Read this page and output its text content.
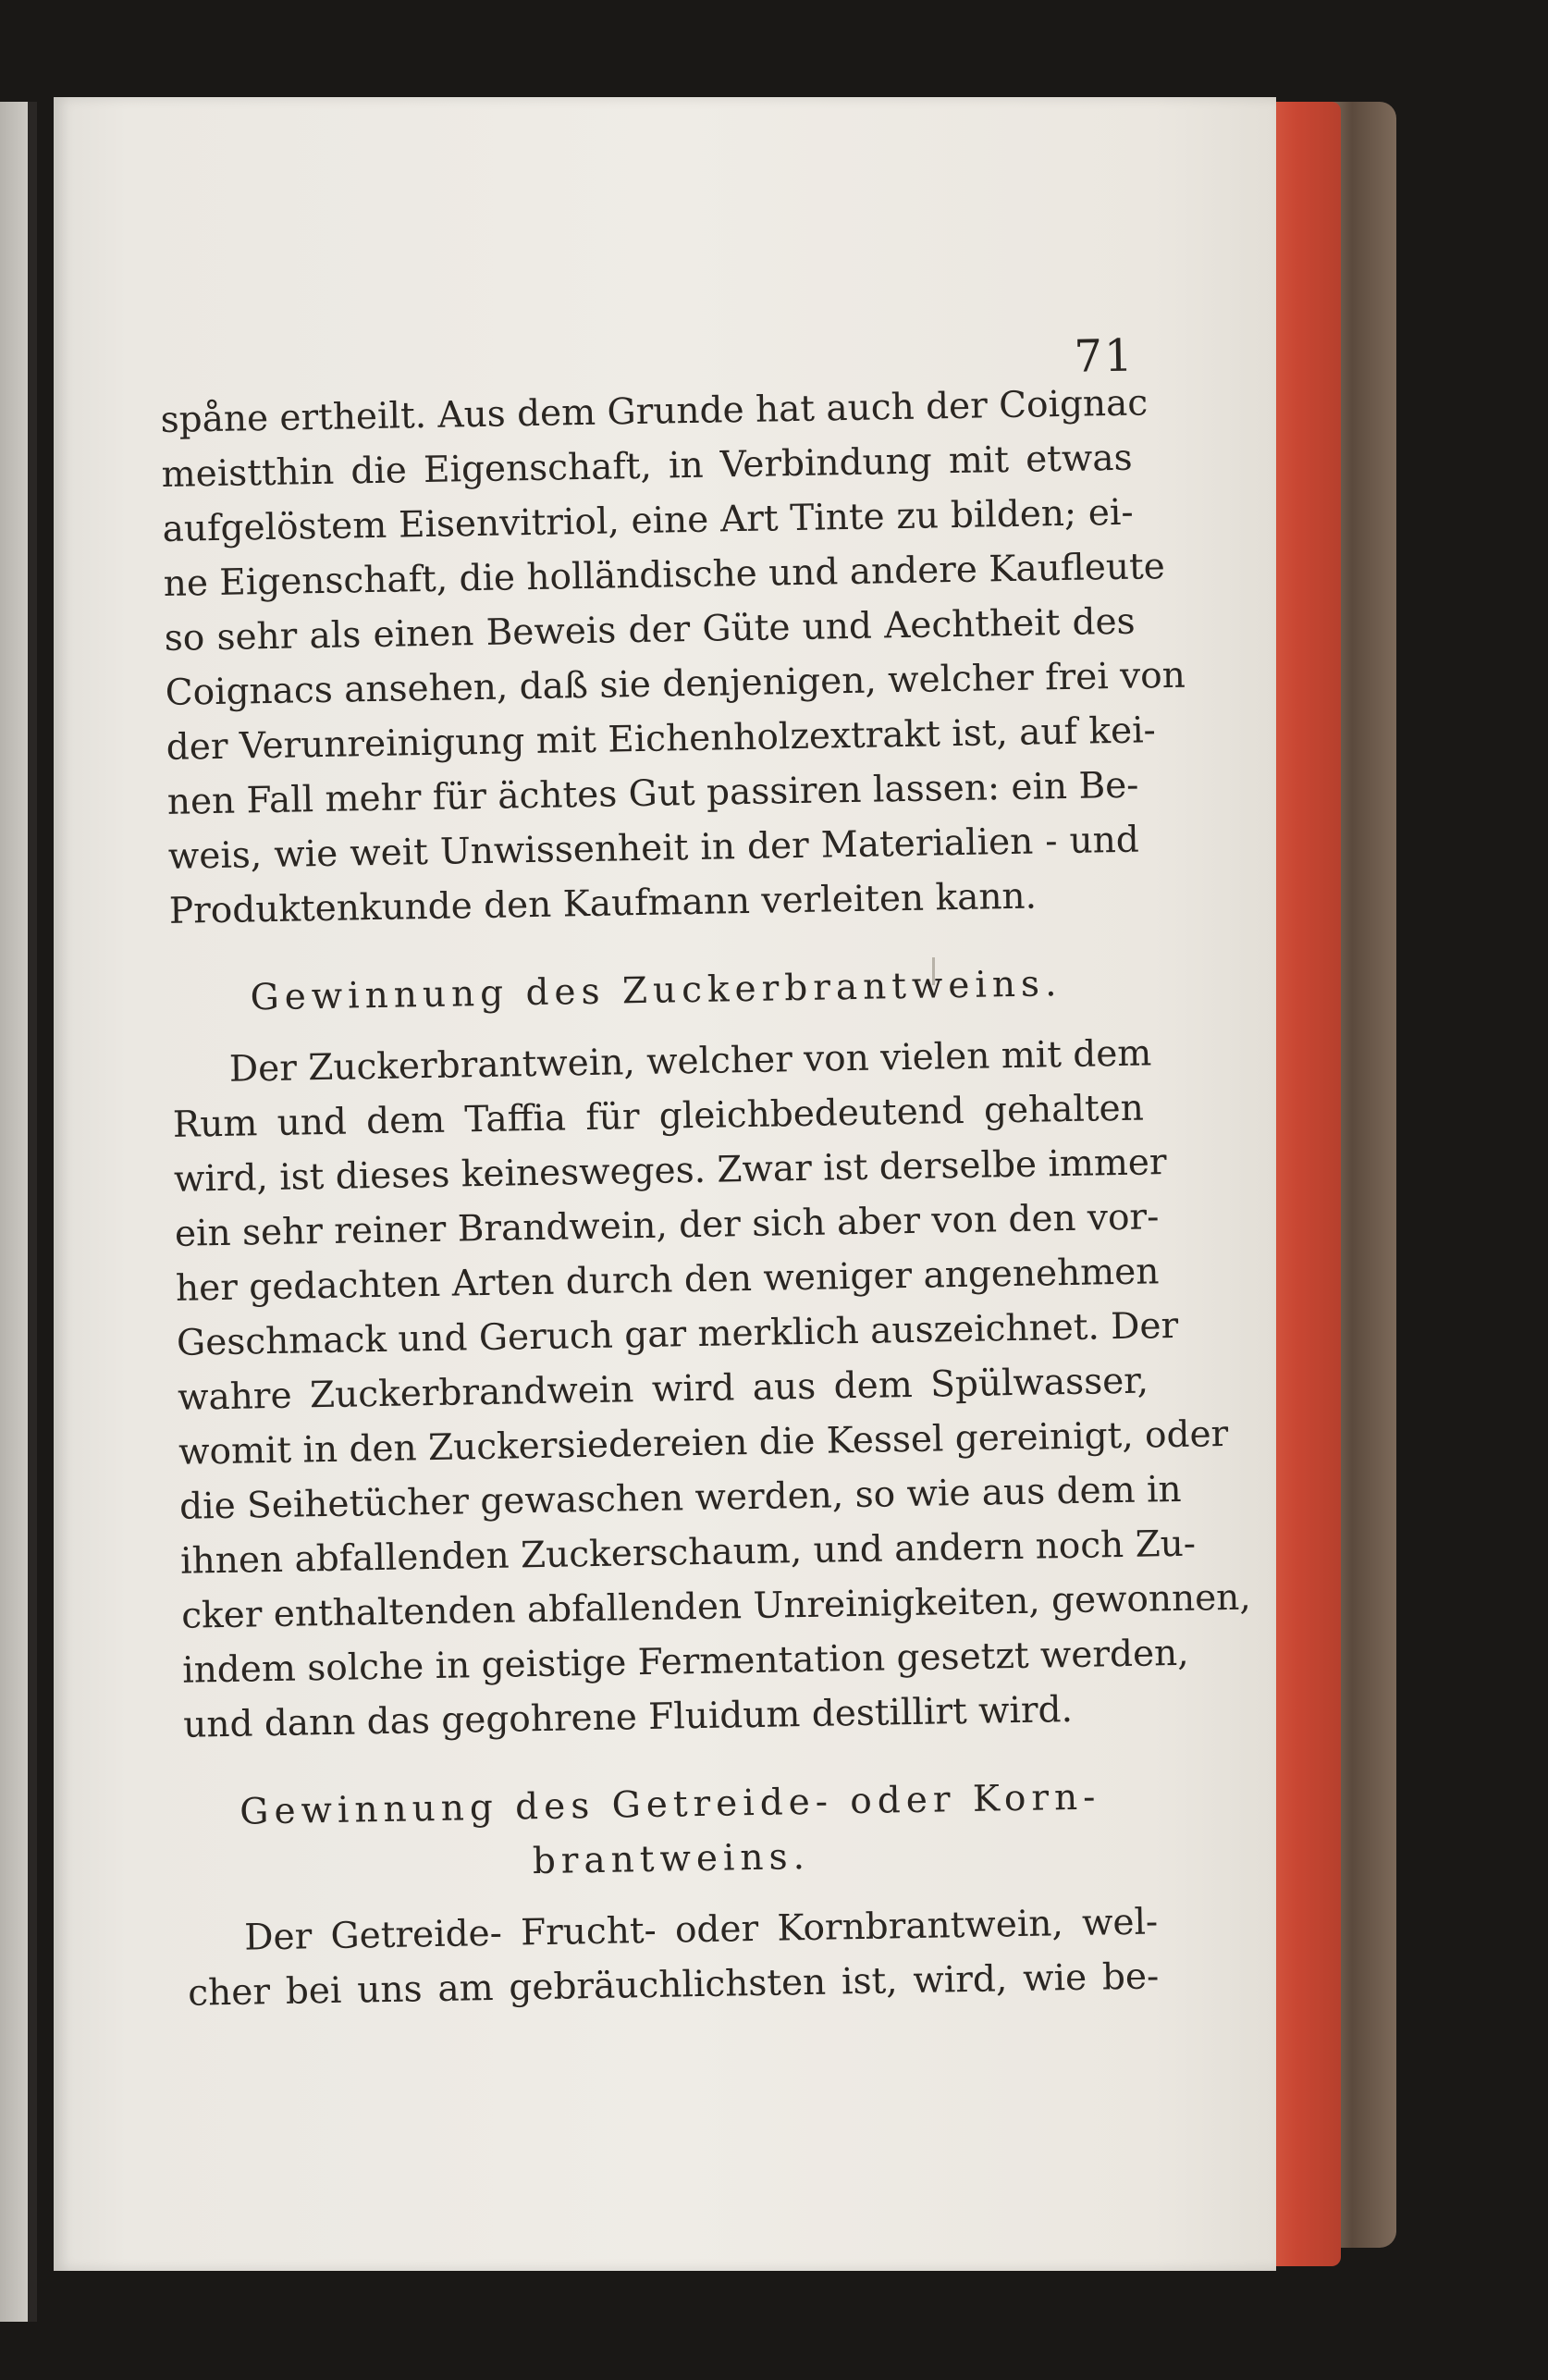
71
spåne ertheilt. Aus dem Grunde hat auch der Coignac
meistthin die Eigenschaft, in Verbindung mit etwas
aufgelöstem Eisenvitriol, eine Art Tinte zu bilden; ei-
ne Eigenschaft, die holländische und andere Kaufleute
so sehr als einen Beweis der Güte und Aechtheit des
Coignacs ansehen, daß sie denjenigen, welcher frei von
der Verunreinigung mit Eichenholzextrakt ist, auf kei-
nen Fall mehr für ächtes Gut passiren lassen: ein Be-
weis, wie weit Unwissenheit in der Materialien - und
Produktenkunde den Kaufmann verleiten kann.
Gewinnung des Zuckerbrantweins.
Der Zuckerbrantwein, welcher von vielen mit dem
Rum und dem Taffia für gleichbedeutend gehalten
wird, ist dieses keinesweges. Zwar ist derselbe immer
ein sehr reiner Brandwein, der sich aber von den vor-
her gedachten Arten durch den weniger angenehmen
Geschmack und Geruch gar merklich auszeichnet. Der
wahre Zuckerbrandwein wird aus dem Spülwasser,
womit in den Zuckersiedereien die Kessel gereinigt, oder
die Seihetücher gewaschen werden, so wie aus dem in
ihnen abfallenden Zuckerschaum, und andern noch Zu-
cker enthaltenden abfallenden Unreinigkeiten, gewonnen,
indem solche in geistige Fermentation gesetzt werden,
und dann das gegohrene Fluidum destillirt wird.
Gewinnung des Getreide- oder Korn-
brantweins.
Der Getreide- Frucht- oder Kornbrantwein, wel-
cher bei uns am gebräuchlichsten ist, wird, wie be-
